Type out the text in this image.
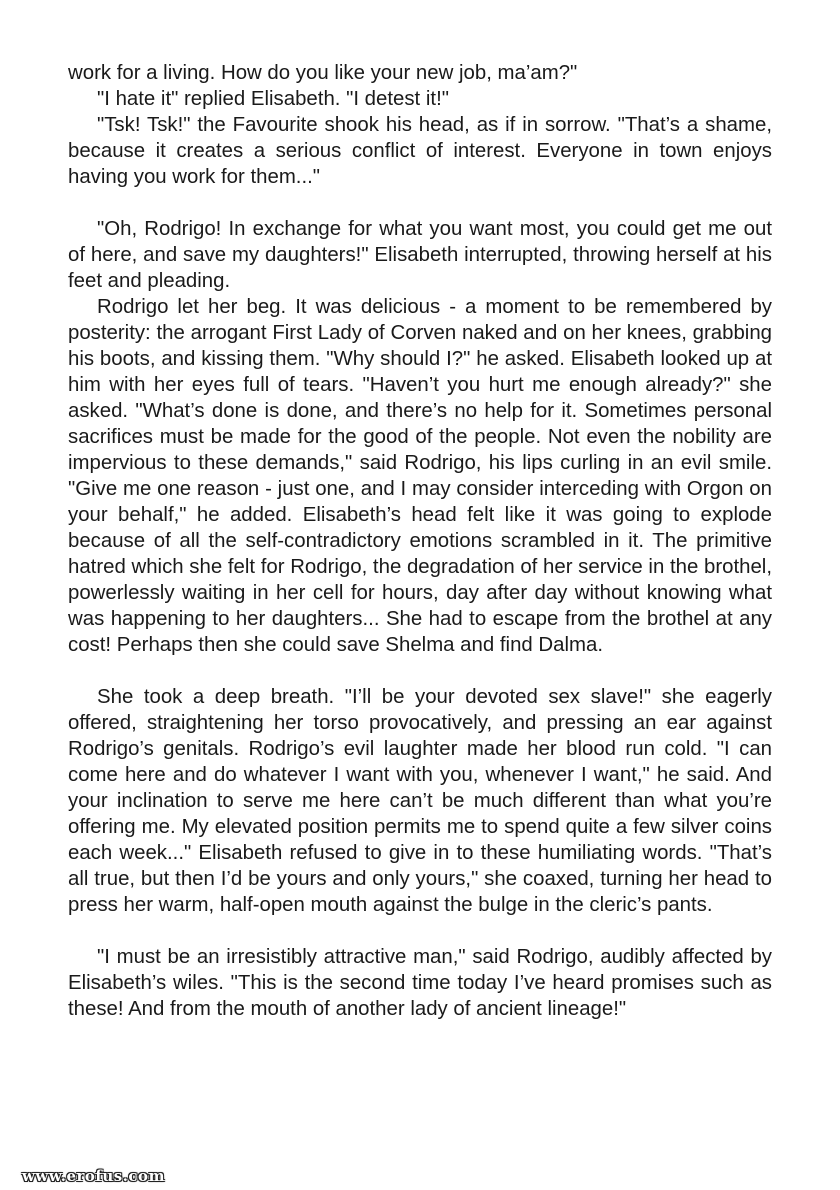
work for a living. How do you like your new job, ma’am?"

"I hate it" replied Elisabeth. "I detest it!"

"Tsk! Tsk!" the Favourite shook his head, as if in sorrow. "That’s a shame, because it creates a serious conflict of interest. Everyone in town enjoys having you work for them..."

"Oh, Rodrigo! In exchange for what you want most, you could get me out of here, and save my daughters!" Elisabeth interrupted, throwing herself at his feet and pleading.

Rodrigo let her beg. It was delicious - a moment to be remembered by posterity: the arrogant First Lady of Corven naked and on her knees, grabbing his boots, and kissing them. "Why should I?" he asked. Elisabeth looked up at him with her eyes full of tears. "Haven’t you hurt me enough already?" she asked. "What’s done is done, and there’s no help for it. Sometimes personal sacrifices must be made for the good of the people. Not even the nobility are impervious to these demands," said Rodrigo, his lips curling in an evil smile. "Give me one reason - just one, and I may consider interceding with Orgon on your behalf," he added. Elisabeth’s head felt like it was going to explode because of all the self-contradictory emotions scrambled in it. The primitive hatred which she felt for Rodrigo, the degradation of her service in the brothel, powerlessly waiting in her cell for hours, day after day without knowing what was happening to her daughters... She had to escape from the brothel at any cost! Perhaps then she could save Shelma and find Dalma.

She took a deep breath. "I’ll be your devoted sex slave!" she eagerly offered, straightening her torso provocatively, and pressing an ear against Rodrigo’s genitals. Rodrigo’s evil laughter made her blood run cold. "I can come here and do whatever I want with you, whenever I want," he said. And your inclination to serve me here can’t be much different than what you’re offering me. My elevated position permits me to spend quite a few silver coins each week..." Elisabeth refused to give in to these humiliating words. "That’s all true, but then I’d be yours and only yours," she coaxed, turning her head to press her warm, half-open mouth against the bulge in the cleric’s pants.

"I must be an irresistibly attractive man," said Rodrigo, audibly affected by Elisabeth’s wiles. "This is the second time today I’ve heard promises such as these! And from the mouth of another lady of ancient lineage!"

www.erofus.com
